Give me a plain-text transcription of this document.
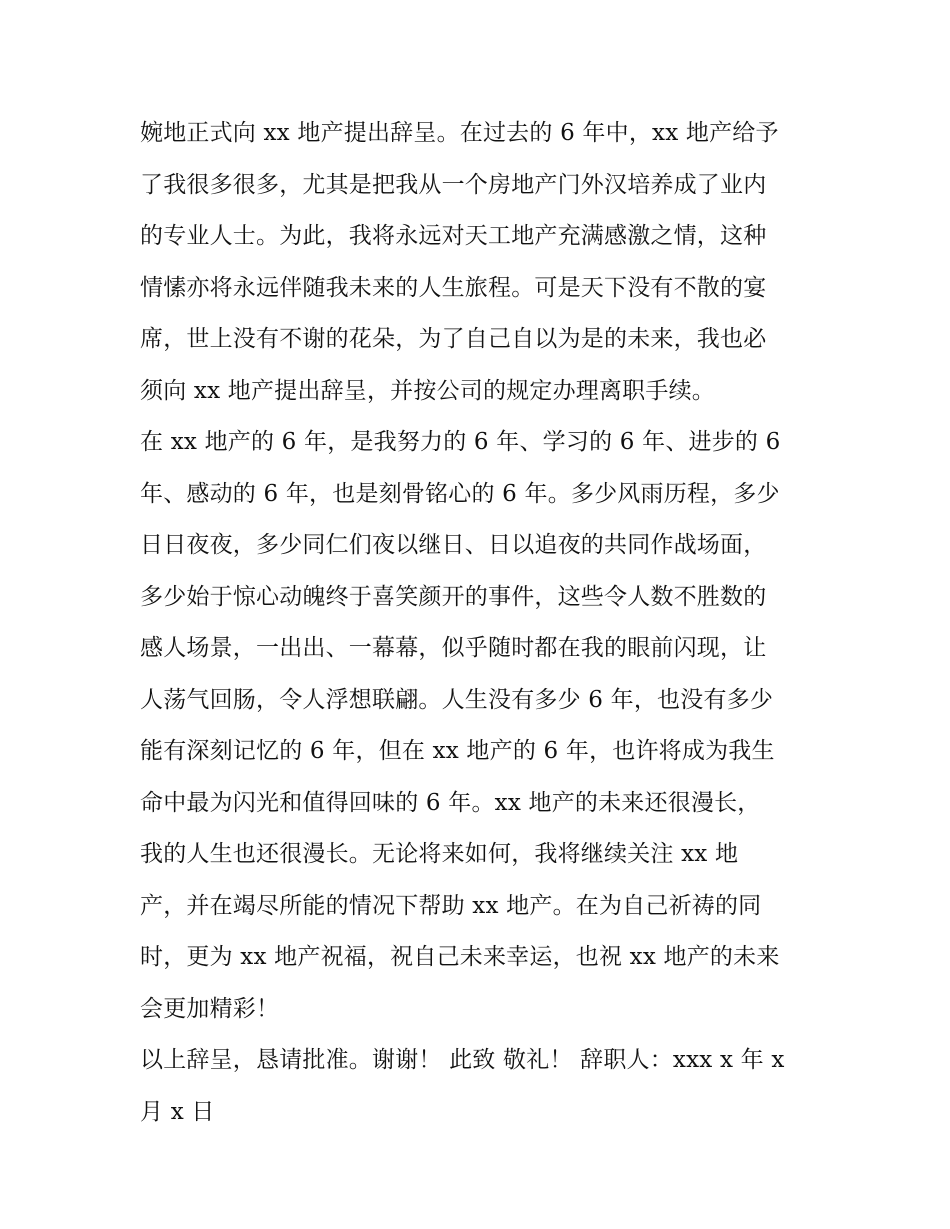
婉地正式向 xx 地产提出辞呈。在过去的 6 年中，xx 地产给予
了我很多很多，尤其是把我从一个房地产门外汉培养成了业内
的专业人士。为此，我将永远对天工地产充满感激之情，这种
情愫亦将永远伴随我未来的人生旅程。可是天下没有不散的宴
席，世上没有不谢的花朵，为了自己自以为是的未来，我也必
须向 xx 地产提出辞呈，并按公司的规定办理离职手续。
在 xx 地产的 6 年，是我努力的 6 年、学习的 6 年、进步的 6
年、感动的 6 年，也是刻骨铭心的 6 年。多少风雨历程，多少
日日夜夜，多少同仁们夜以继日、日以追夜的共同作战场面，
多少始于惊心动魄终于喜笑颜开的事件，这些令人数不胜数的
感人场景，一出出、一幕幕，似乎随时都在我的眼前闪现，让
人荡气回肠，令人浮想联翩。人生没有多少 6 年，也没有多少
能有深刻记忆的 6 年，但在 xx 地产的 6 年，也许将成为我生
命中最为闪光和值得回味的 6 年。xx 地产的未来还很漫长，
我的人生也还很漫长。无论将来如何，我将继续关注 xx 地
产，并在竭尽所能的情况下帮助 xx 地产。在为自己祈祷的同
时，更为 xx 地产祝福，祝自己未来幸运，也祝 xx 地产的未来
会更加精彩！
以上辞呈，恳请批准。谢谢！ 此致 敬礼！ 辞职人：xxx x 年 x
月 x 日
